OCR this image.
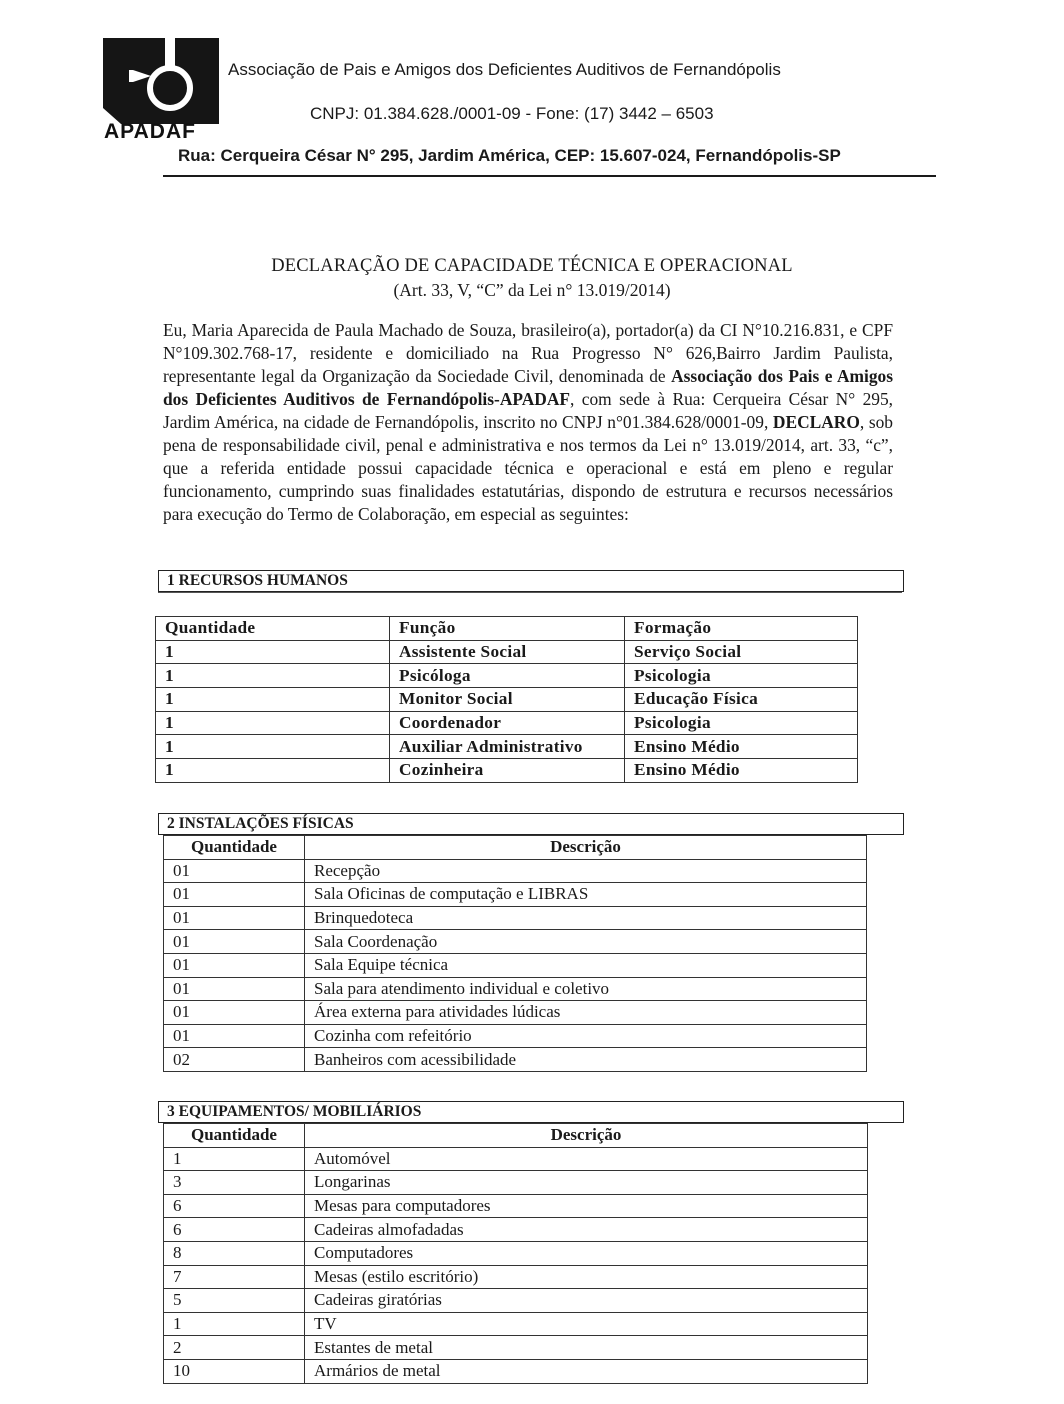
APADAF
Associação de Pais e Amigos dos Deficientes Auditivos de Fernandópolis
CNPJ: 01.384.628./0001-09 - Fone: (17) 3442 – 6503
Rua: Cerqueira César N° 295, Jardim América, CEP: 15.607-024, Fernandópolis-SP
DECLARAÇÃO DE CAPACIDADE TÉCNICA E OPERACIONAL
(Art. 33, V, “C” da Lei n° 13.019/2014)

Eu, Maria Aparecida de Paula Machado de Souza, brasileiro(a), portador(a) da CI N°10.216.831, e CPF N°109.302.768-17, residente e domiciliado na Rua Progresso N° 626,Bairro Jardim Paulista, representante legal da Organização da Sociedade Civil, denominada de Associação dos Pais e Amigos dos Deficientes Auditivos de Fernandópolis-APADAF, com sede à Rua: Cerqueira César N° 295, Jardim América, na cidade de Fernandópolis, inscrito no CNPJ n°01.384.628/0001-09, DECLARO, sob pena de responsabilidade civil, penal e administrativa e nos termos da Lei n° 13.019/2014, art. 33, “c”, que a referida entidade possui capacidade técnica e operacional e está em pleno e regular funcionamento, cumprindo suas finalidades estatutárias, dispondo de estrutura e recursos necessários para execução do Termo de Colaboração, em especial as seguintes:

1 RECURSOS HUMANOS
Quantidade	Função	Formação
1	Assistente Social	Serviço Social
1	Psicóloga	Psicologia
1	Monitor Social	Educação Física
1	Coordenador	Psicologia
1	Auxiliar Administrativo	Ensino Médio
1	Cozinheira	Ensino Médio
2 INSTALAÇÕES FÍSICAS
Quantidade	Descrição
01	Recepção
01	Sala Oficinas de computação e LIBRAS
01	Brinquedoteca
01	Sala Coordenação
01	Sala Equipe técnica
01	Sala para atendimento individual e coletivo
01	Área externa para atividades lúdicas
01	Cozinha com refeitório
02	Banheiros com acessibilidade
3 EQUIPAMENTOS/ MOBILIÁRIOS
Quantidade	Descrição
1	Automóvel
3	Longarinas
6	Mesas para computadores
6	Cadeiras almofadadas
8	Computadores
7	Mesas (estilo escritório)
5	Cadeiras giratórias
1	TV
2	Estantes de metal
10	Armários de metal
